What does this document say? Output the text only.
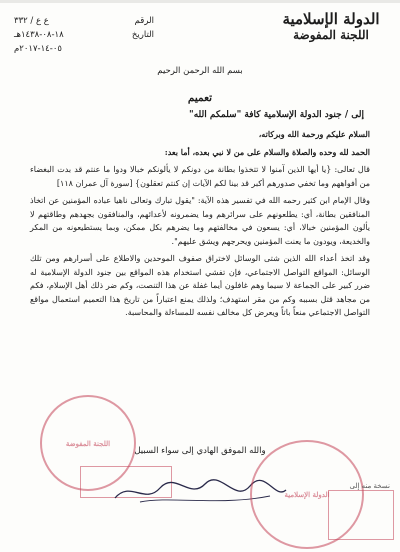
الدولة الإسلامية
اللجنة المفوضة
الرقم
ع ع / ٣٣٢
التاريخ
١٨-٠٨-١٤٣٨هـ
٠٥-١٤-٢٠١٧م
بسم الله الرحمن الرحيم
تعميم
إلى / جنود الدولة الإسلامية كافة "سلمكم الله"

السلام عليكم ورحمة الله وبركاته،

الحمد لله وحده والصلاة والسلام على من لا نبي بعده، أما بعد:

قال تعالى: {يا أيها الذين آمنوا لا تتخذوا بطانة من دونكم لا يألونكم خبالا ودوا ما عنتم قد بدت البغضاء من أفواههم وما تخفي صدورهم أكبر قد بينا لكم الآيات إن كنتم تعقلون} [سورة آل عمران ١١٨]

وقال الإمام ابن كثير رحمه الله في تفسير هذه الآية: "يقول تبارك وتعالى ناهيا عباده المؤمنين عن اتخاذ المنافقين بطانة، أي: يطلعونهم على سرائرهم وما يضمرونه لأعدائهم، والمنافقون بجهدهم وطاقتهم لا يألون المؤمنين خبالا، أي: يسعون في مخالفتهم وما يضرهم بكل ممكن، وبما يستطيعونه من المكر والخديعة، ويودون ما يعنت المؤمنين ويحرجهم ويشق عليهم".

وقد اتخذ أعداء الله الذين شتى الوسائل لاختراق صفوف الموحدين والاطلاع على أسرارهم ومن تلك الوسائل: المواقع التواصل الاجتماعي، فإن تفشي استخدام هذه المواقع بين جنود الدولة الإسلامية له ضرر كبير على الجماعة لا سيما وهم غافلون أيما غفلة عن هذا التنصت، وكم ضر ذلك أهل الإسلام، فكم من مجاهد قتل بسببه وكم من مقر استهدف؛ ولذلك يمنع اعتباراً من تاريخ هذا التعميم استعمال مواقع التواصل الاجتماعي منعاً باتاً ويعرض كل مخالف نفسه للمساءلة والمحاسبة.

والله الموفق الهادي إلى سواء السبيل
اللجنة المفوضة
الدولة الإسلامية
نسخة منه إلى
